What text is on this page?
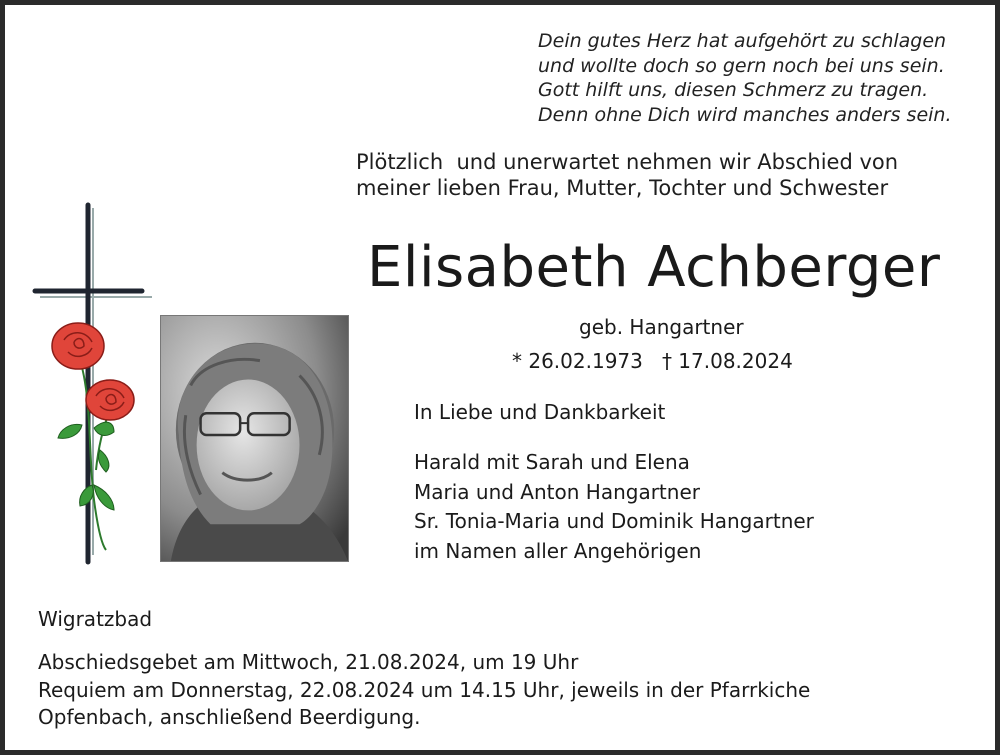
Dein gutes Herz hat aufgehört zu schlagen
und wollte doch so gern noch bei uns sein.
Gott hilft uns, diesen Schmerz zu tragen.
Denn ohne Dich wird manches anders sein.
Plötzlich  und unerwartet nehmen wir Abschied von
meiner lieben Frau, Mutter, Tochter und Schwester
Elisabeth Achberger
geb. Hangartner
* 26.02.1973   † 17.08.2024
In Liebe und Dankbarkeit
Harald mit Sarah und Elena
Maria und Anton Hangartner
Sr. Tonia-Maria und Dominik Hangartner
im Namen aller Angehörigen
Wigratzbad
Abschiedsgebet am Mittwoch, 21.08.2024, um 19 Uhr
Requiem am Donnerstag, 22.08.2024 um 14.15 Uhr, jeweils in der Pfarrkiche
Opfenbach, anschließend Beerdigung.
